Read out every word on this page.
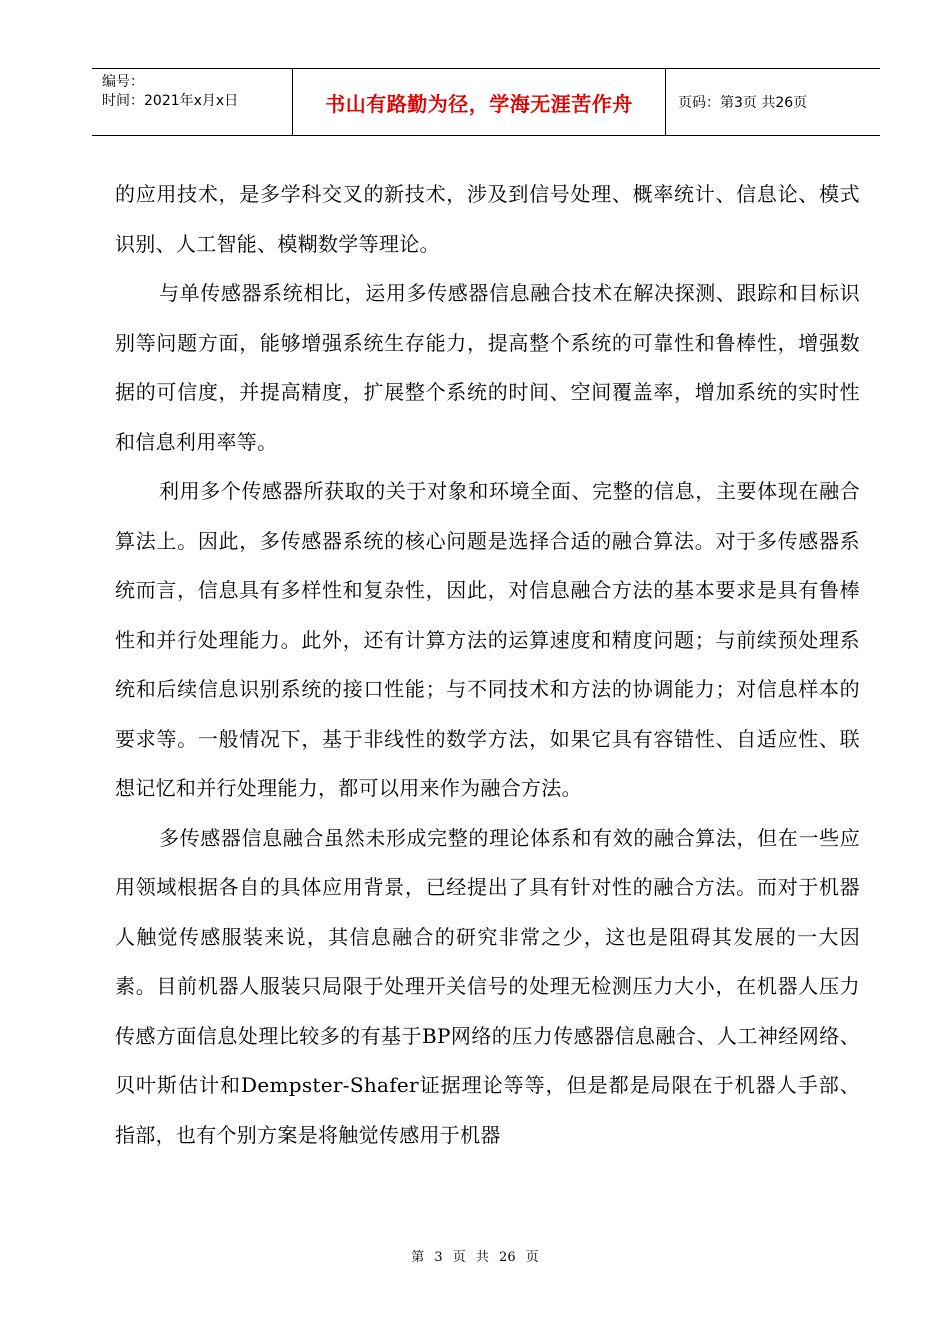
编号：
时间：2021年x月x日	书山有路勤为径，学海无涯苦作舟	页码：第3页 共26页

的应用技术，是多学科交叉的新技术，涉及到信号处理、概率统计、信息论、模式识别、人工智能、模糊数学等理论。

与单传感器系统相比，运用多传感器信息融合技术在解决探测、跟踪和目标识别等问题方面，能够增强系统生存能力，提高整个系统的可靠性和鲁棒性，增强数据的可信度，并提高精度，扩展整个系统的时间、空间覆盖率，增加系统的实时性和信息利用率等。

利用多个传感器所获取的关于对象和环境全面、完整的信息，主要体现在融合算法上。因此，多传感器系统的核心问题是选择合适的融合算法。对于多传感器系统而言，信息具有多样性和复杂性，因此，对信息融合方法的基本要求是具有鲁棒性和并行处理能力。此外，还有计算方法的运算速度和精度问题；与前续预处理系统和后续信息识别系统的接口性能；与不同技术和方法的协调能力；对信息样本的要求等。一般情况下，基于非线性的数学方法，如果它具有容错性、自适应性、联想记忆和并行处理能力，都可以用来作为融合方法。

多传感器信息融合虽然未形成完整的理论体系和有效的融合算法，但在一些应用领域根据各自的具体应用背景，已经提出了具有针对性的融合方法。而对于机器人触觉传感服装来说，其信息融合的研究非常之少，这也是阻碍其发展的一大因素。目前机器人服装只局限于处理开关信号的处理无检测压力大小，在机器人压力传感方面信息处理比较多的有基于BP网络的压力传感器信息融合、人工神经网络、贝叶斯估计和Dempster-Shafer证据理论等等，但是都是局限在于机器人手部、指部，也有个别方案是将触觉传感用于机器

第 3 页 共 26 页
